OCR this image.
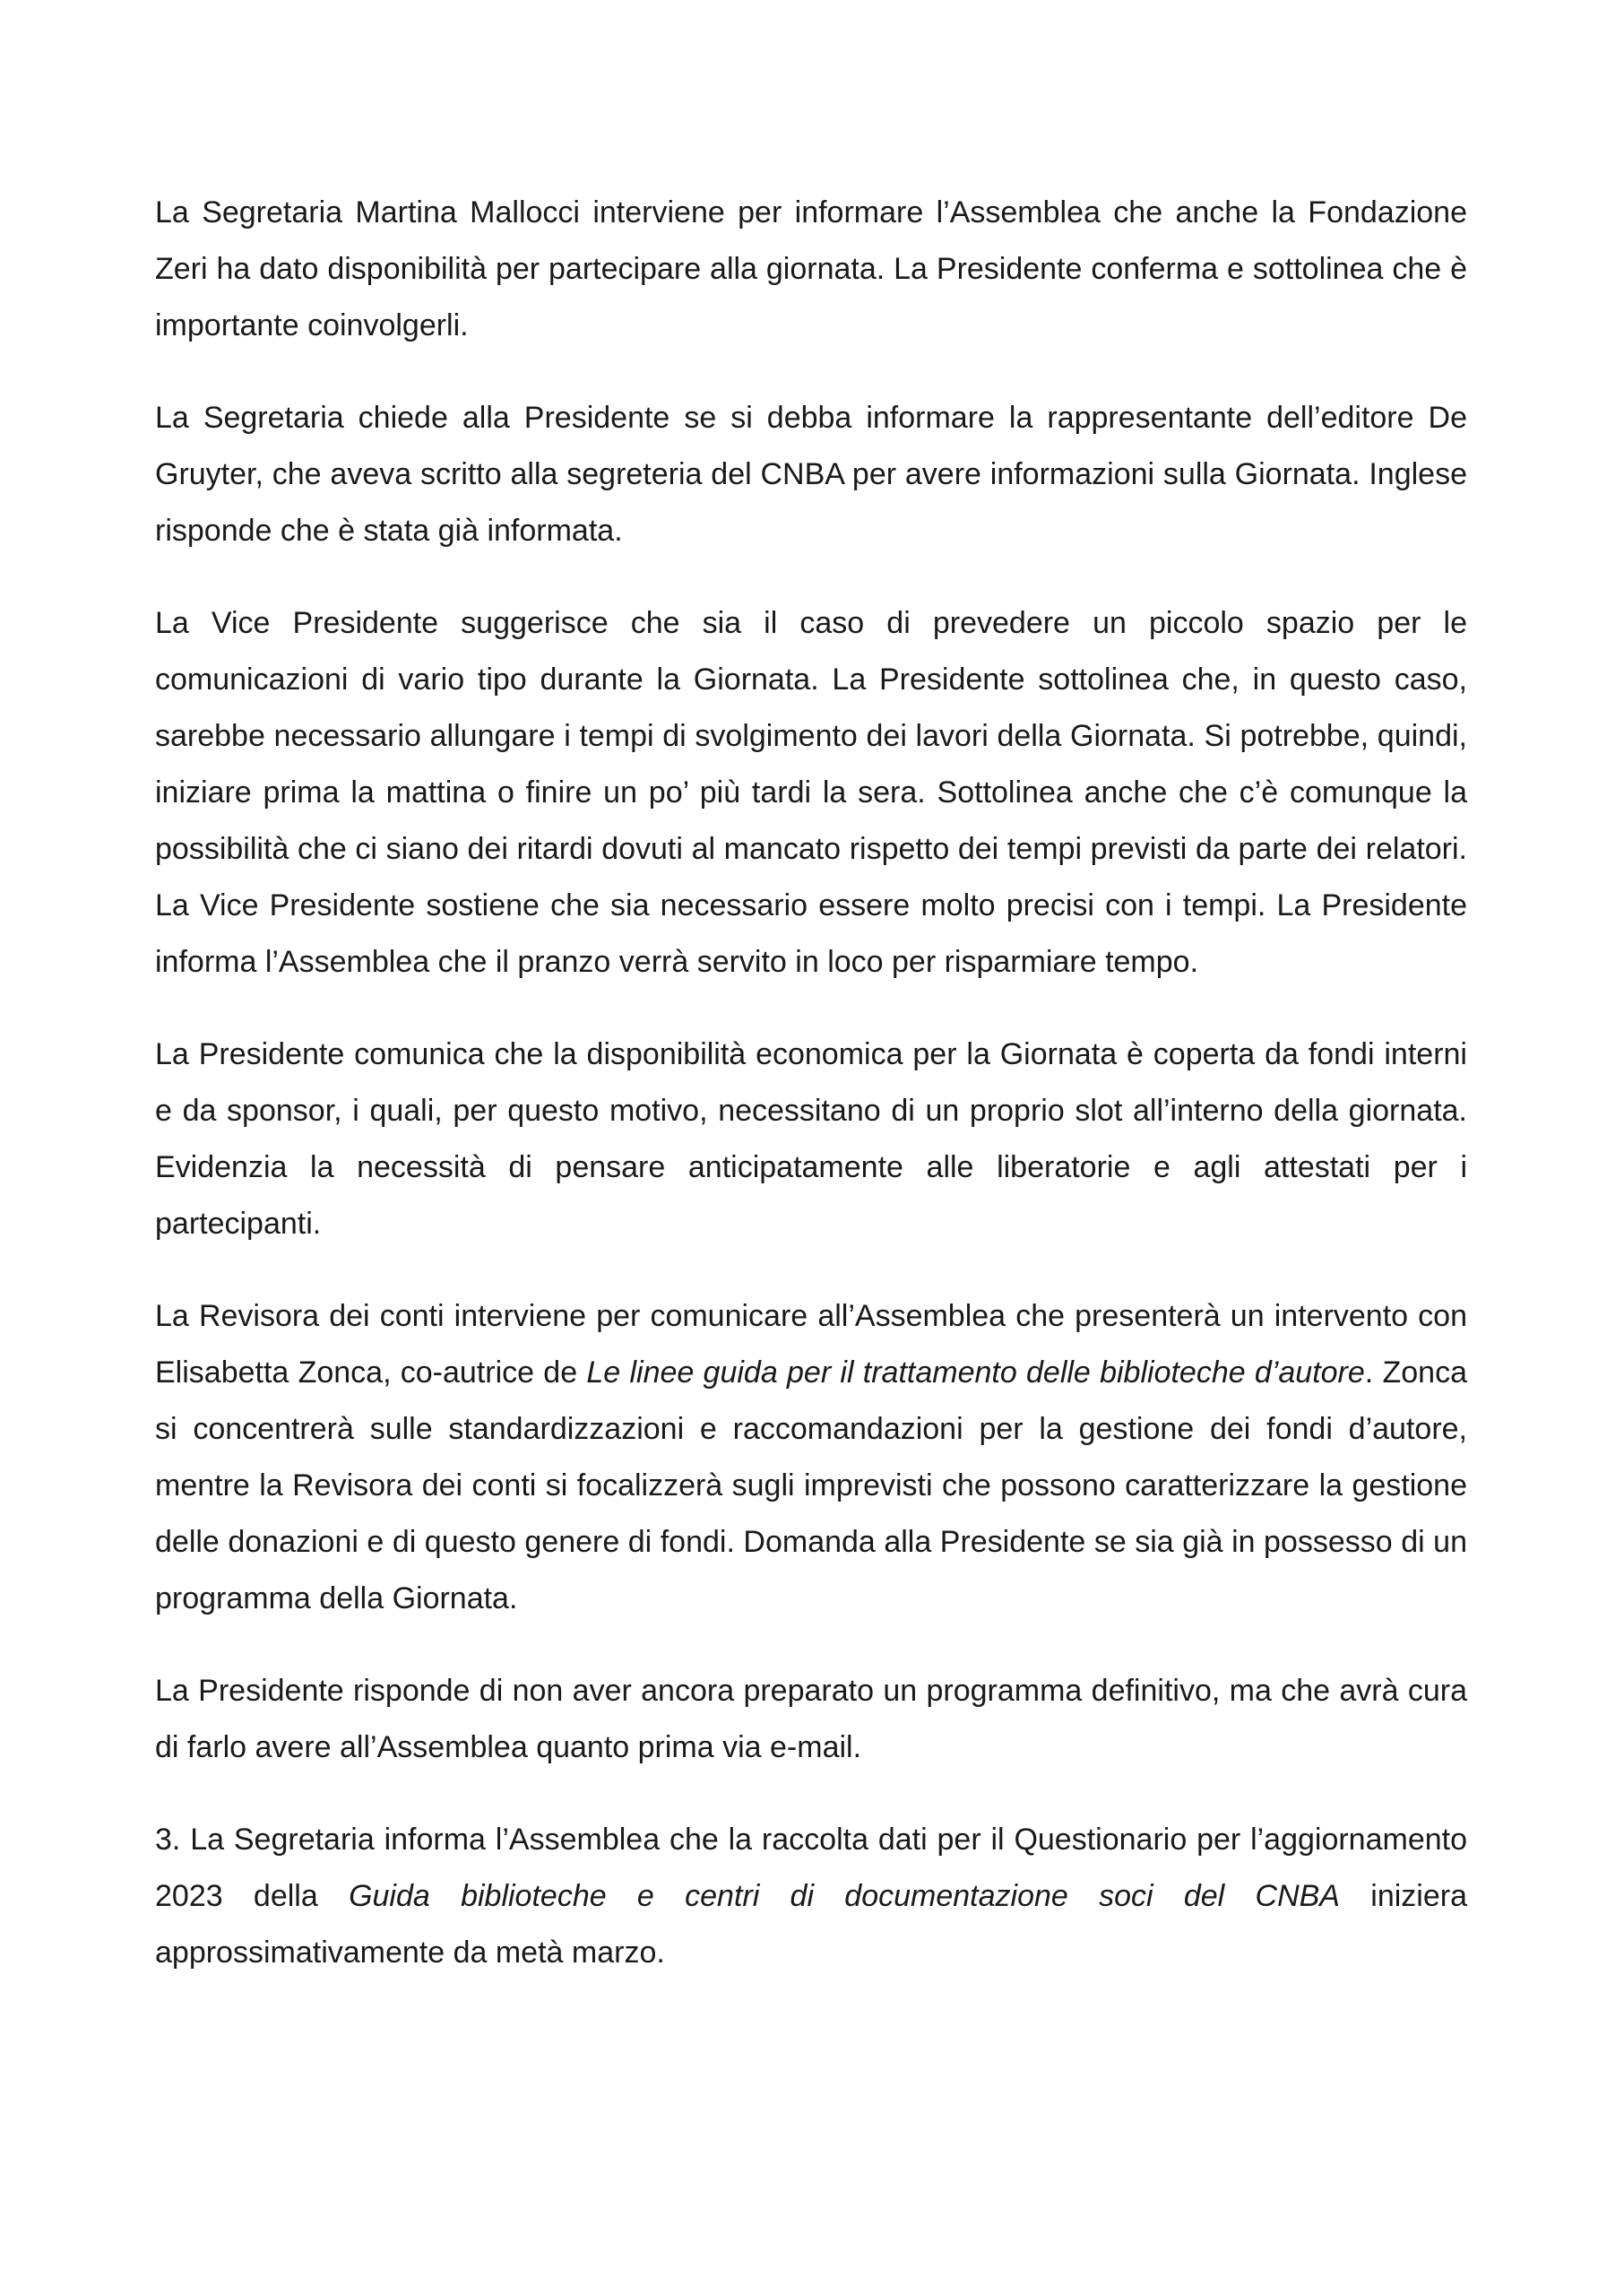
La Segretaria Martina Mallocci interviene per informare l’Assemblea che anche la Fondazione Zeri ha dato disponibilità per partecipare alla giornata. La Presidente conferma e sottolinea che è importante coinvolgerli.

La Segretaria chiede alla Presidente se si debba informare la rappresentante dell’editore De Gruyter, che aveva scritto alla segreteria del CNBA per avere informazioni sulla Giornata. Inglese risponde che è stata già informata.

La Vice Presidente suggerisce che sia il caso di prevedere un piccolo spazio per le comunicazioni di vario tipo durante la Giornata. La Presidente sottolinea che, in questo caso, sarebbe necessario allungare i tempi di svolgimento dei lavori della Giornata. Si potrebbe, quindi, iniziare prima la mattina o finire un po’ più tardi la sera. Sottolinea anche che c’è comunque la possibilità che ci siano dei ritardi dovuti al mancato rispetto dei tempi previsti da parte dei relatori. La Vice Presidente sostiene che sia necessario essere molto precisi con i tempi. La Presidente informa l’Assemblea che il pranzo verrà servito in loco per risparmiare tempo.

La Presidente comunica che la disponibilità economica per la Giornata è coperta da fondi interni e da sponsor, i quali, per questo motivo, necessitano di un proprio slot all’interno della giornata. Evidenzia la necessità di pensare anticipatamente alle liberatorie e agli attestati per i partecipanti.

La Revisora dei conti interviene per comunicare all’Assemblea che presenterà un intervento con Elisabetta Zonca, co-autrice de Le linee guida per il trattamento delle biblioteche d’autore. Zonca si concentrerà sulle standardizzazioni e raccomandazioni per la gestione dei fondi d’autore, mentre la Revisora dei conti si focalizzerà sugli imprevisti che possono caratterizzare la gestione delle donazioni e di questo genere di fondi. Domanda alla Presidente se sia già in possesso di un programma della Giornata.

La Presidente risponde di non aver ancora preparato un programma definitivo, ma che avrà cura di farlo avere all’Assemblea quanto prima via e-mail.

3. La Segretaria informa l’Assemblea che la raccolta dati per il Questionario per l’aggiornamento 2023 della Guida biblioteche e centri di documentazione soci del CNBA iniziera approssimativamente da metà marzo.
